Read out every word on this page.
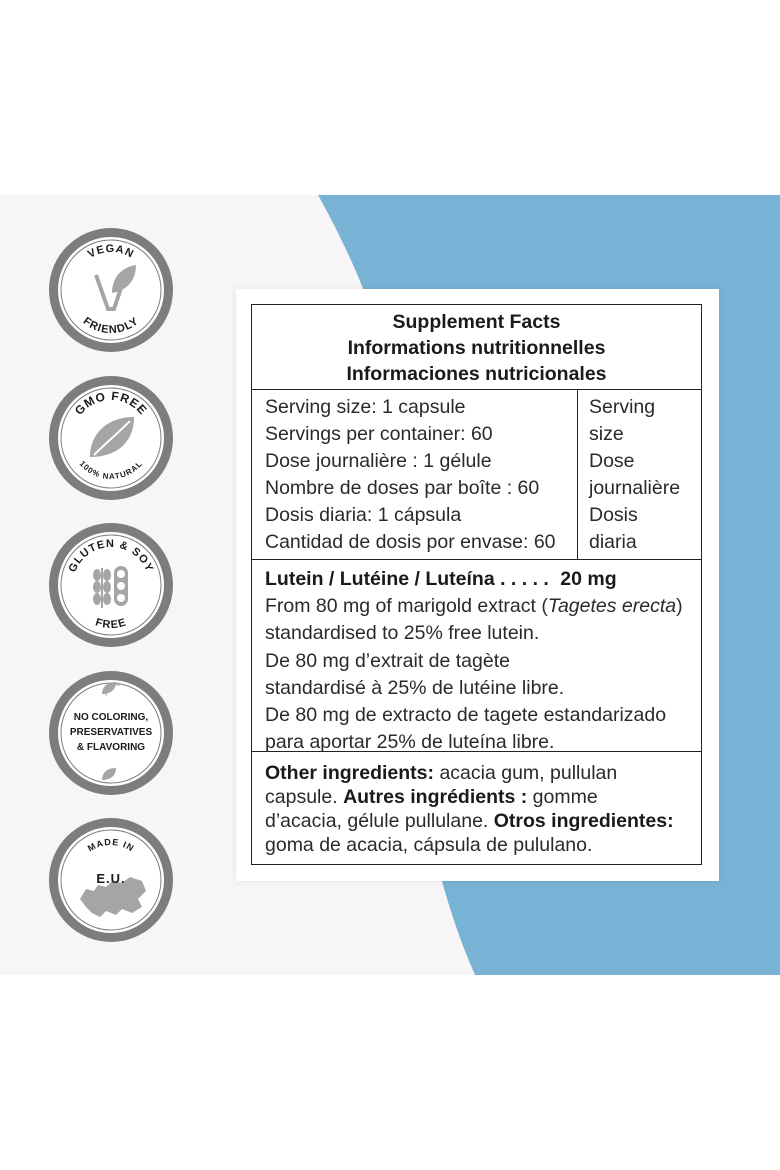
VEGAN
FRIENDLY
GMO FREE
100% NATURAL
GLUTEN & SOY
FREE
NO COLORING,
PRESERVATIVES
& FLAVORING
MADE IN
E.U.
Supplement Facts
Informations nutritionnelles
Informaciones nutricionales
Serving size: 1 capsule
Servings per container: 60
Dose journalière : 1 gélule
Nombre de doses par boîte : 60
Dosis diaria: 1 cápsula
Cantidad de dosis por envase: 60
Serving
size
Dose
journalière
Dosis
diaria
Lutein / Lutéine / Luteína . . . . . 20 mg
From 80 mg of marigold extract (Tagetes erecta)
standardised to 25% free lutein.
De 80 mg d’extrait de tagète
standardisé à 25% de lutéine libre.
De 80 mg de extracto de tagete estandarizado
para aportar 25% de luteína libre.
Other ingredients: acacia gum, pullulan
capsule. Autres ingrédients : gomme
d’acacia, gélule pullulane. Otros ingredientes:
goma de acacia, cápsula de pululano.
